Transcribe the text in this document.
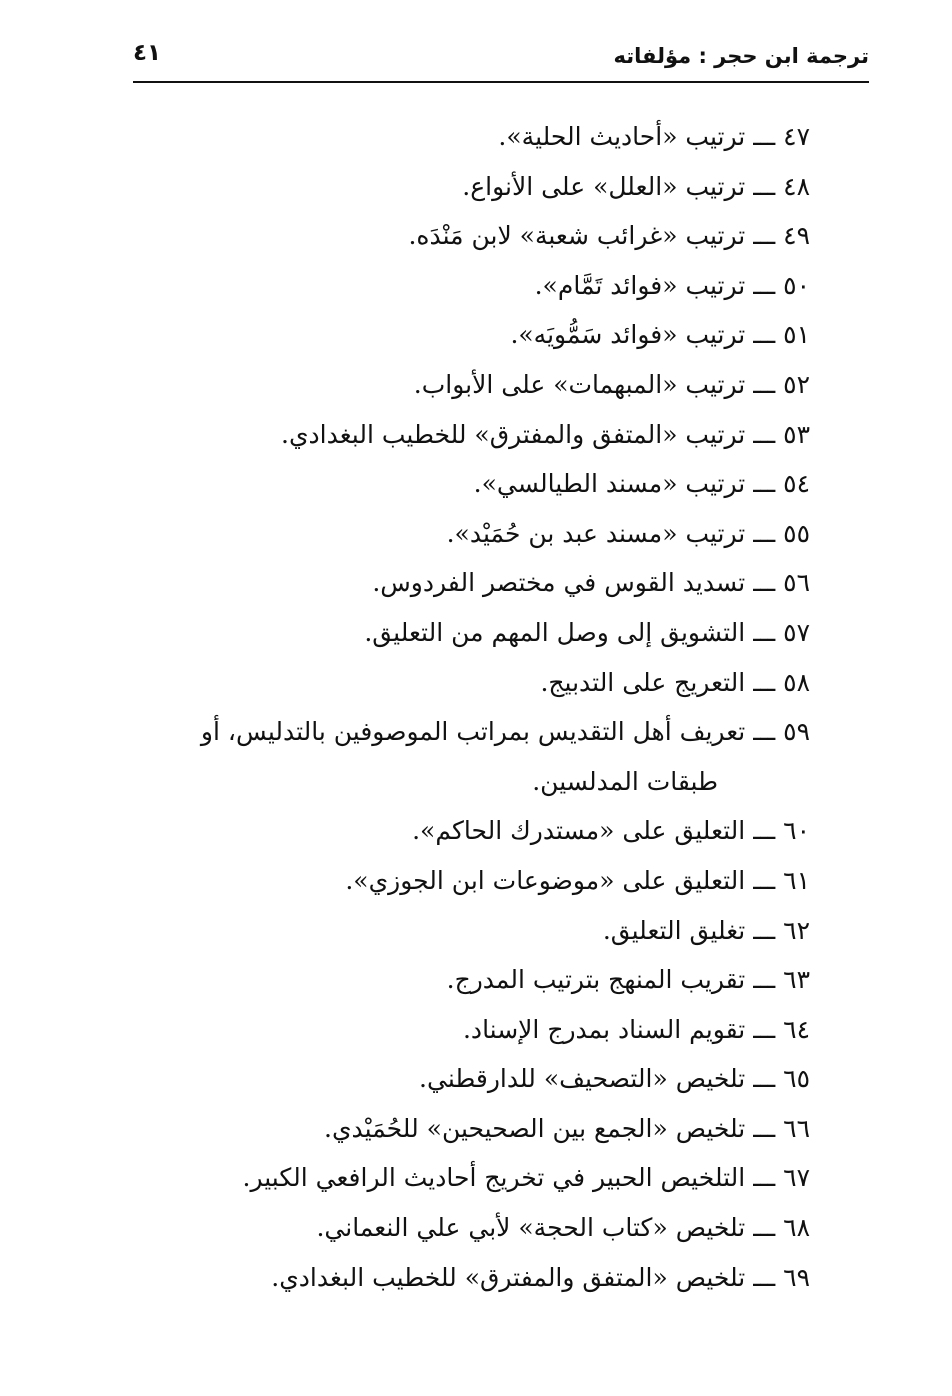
ترجمة ابن حجر : مؤلفاته
٤١
٤٧ ـــ ترتيب «أحاديث الحلية».
٤٨ ـــ ترتيب «العلل» على الأنواع.
٤٩ ـــ ترتيب «غرائب شعبة» لابن مَنْدَه.
٥٠ ـــ ترتيب «فوائد تَمَّام».
٥١ ـــ ترتيب «فوائد سَمُّويَه».
٥٢ ـــ ترتيب «المبهمات» على الأبواب.
٥٣ ـــ ترتيب «المتفق والمفترق» للخطيب البغدادي.
٥٤ ـــ ترتيب «مسند الطيالسي».
٥٥ ـــ ترتيب «مسند عبد بن حُمَيْد».
٥٦ ـــ تسديد القوس في مختصر الفردوس.
٥٧ ـــ التشويق إلى وصل المهم من التعليق.
٥٨ ـــ التعريج على التدبيج.
٥٩ ـــ تعريف أهل التقديس بمراتب الموصوفين بالتدليس، أو
طبقات المدلسين.
٦٠ ـــ التعليق على «مستدرك الحاكم».
٦١ ـــ التعليق على «موضوعات ابن الجوزي».
٦٢ ـــ تغليق التعليق.
٦٣ ـــ تقريب المنهج بترتيب المدرج.
٦٤ ـــ تقويم السناد بمدرج الإسناد.
٦٥ ـــ تلخيص «التصحيف» للدارقطني.
٦٦ ـــ تلخيص «الجمع بين الصحيحين» للحُمَيْدي.
٦٧ ـــ التلخيص الحبير في تخريج أحاديث الرافعي الكبير.
٦٨ ـــ تلخيص «كتاب الحجة» لأبي علي النعماني.
٦٩ ـــ تلخيص «المتفق والمفترق» للخطيب البغدادي.
